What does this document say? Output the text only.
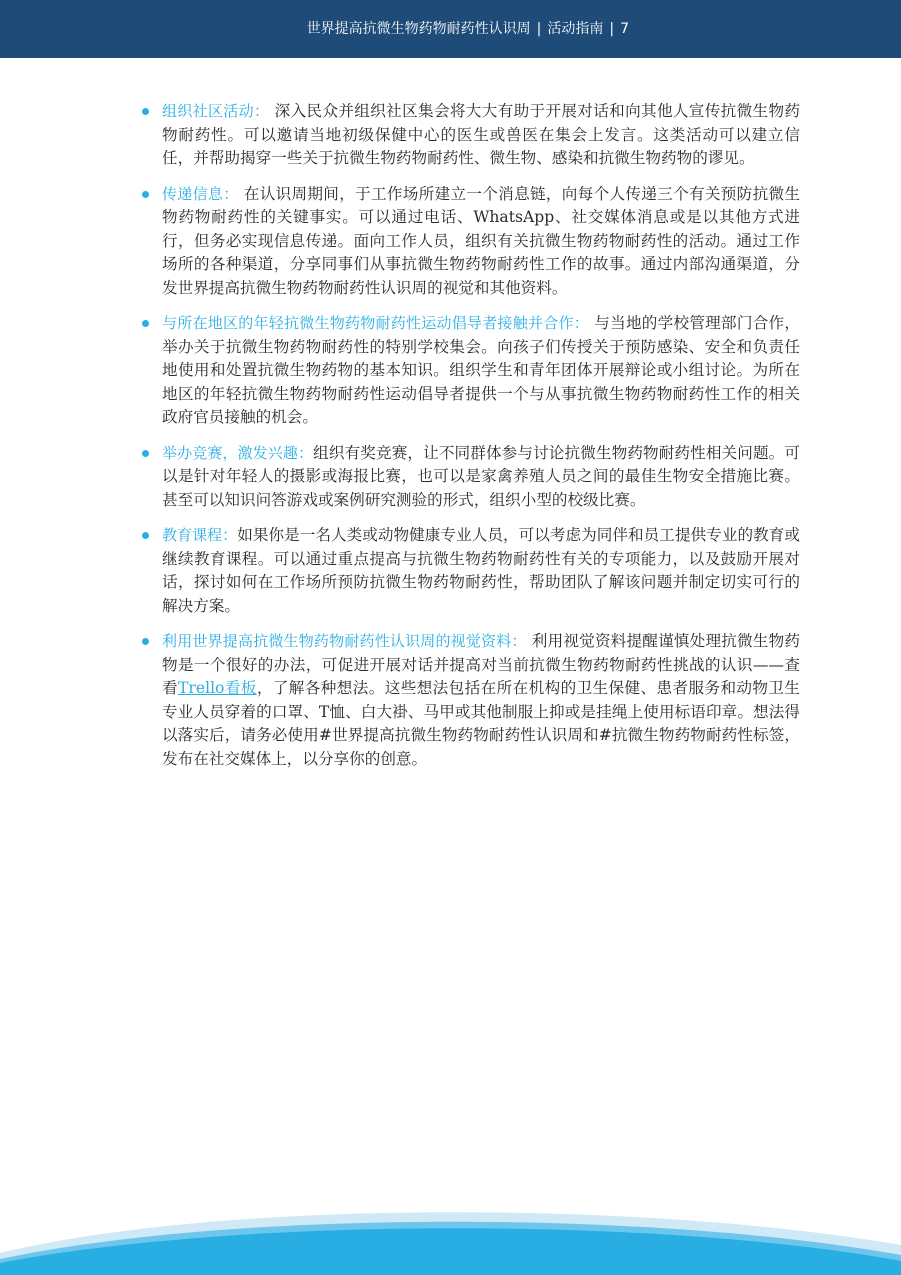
世界提高抗微生物药物耐药性认识周 | 活动指南 | 7
组织社区活动： 深入民众并组织社区集会将大大有助于开展对话和向其他人宣传抗微生物药物耐药性。可以邀请当地初级保健中心的医生或兽医在集会上发言。这类活动可以建立信任，并帮助揭穿一些关于抗微生物药物耐药性、微生物、感染和抗微生物药物的谬见。
传递信息： 在认识周期间，于工作场所建立一个消息链，向每个人传递三个有关预防抗微生物药物耐药性的关键事实。可以通过电话、WhatsApp、社交媒体消息或是以其他方式进行，但务必实现信息传递。面向工作人员，组织有关抗微生物药物耐药性的活动。通过工作场所的各种渠道，分享同事们从事抗微生物药物耐药性工作的故事。通过内部沟通渠道，分发世界提高抗微生物药物耐药性认识周的视觉和其他资料。
与所在地区的年轻抗微生物药物耐药性运动倡导者接触并合作： 与当地的学校管理部门合作，举办关于抗微生物药物耐药性的特别学校集会。向孩子们传授关于预防感染、安全和负责任地使用和处置抗微生物药物的基本知识。组织学生和青年团体开展辩论或小组讨论。为所在地区的年轻抗微生物药物耐药性运动倡导者提供一个与从事抗微生物药物耐药性工作的相关政府官员接触的机会。
举办竞赛，激发兴趣：组织有奖竞赛，让不同群体参与讨论抗微生物药物耐药性相关问题。可以是针对年轻人的摄影或海报比赛，也可以是家禽养殖人员之间的最佳生物安全措施比赛。甚至可以知识问答游戏或案例研究测验的形式，组织小型的校级比赛。
教育课程：如果你是一名人类或动物健康专业人员，可以考虑为同伴和员工提供专业的教育或继续教育课程。可以通过重点提高与抗微生物药物耐药性有关的专项能力，以及鼓励开展对话，探讨如何在工作场所预防抗微生物药物耐药性，帮助团队了解该问题并制定切实可行的解决方案。
利用世界提高抗微生物药物耐药性认识周的视觉资料： 利用视觉资料提醒谨慎处理抗微生物药物是一个很好的办法，可促进开展对话并提高对当前抗微生物药物耐药性挑战的认识——查看Trello看板，了解各种想法。这些想法包括在所在机构的卫生保健、患者服务和动物卫生专业人员穿着的口罩、T恤、白大褂、马甲或其他制服上抑或是挂绳上使用标语印章。想法得以落实后，请务必使用#世界提高抗微生物药物耐药性认识周和#抗微生物药物耐药性标签，发布在社交媒体上，以分享你的创意。
